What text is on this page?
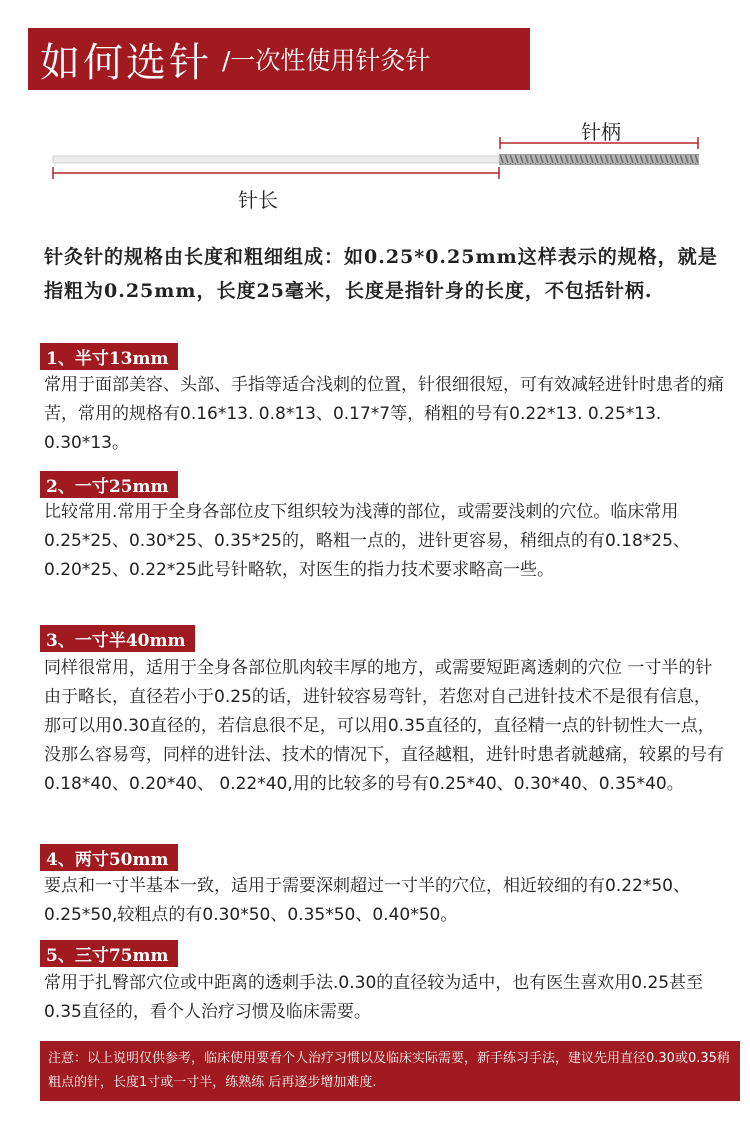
如何选针 /一次性使用针灸针
针柄
针长
针灸针的规格由长度和粗细组成：如0.25*0.25mm这样表示的规格，就是指粗为0.25mm，长度25毫米，长度是指针身的长度，不包括针柄.
1、半寸13mm
常用于面部美容、头部、手指等适合浅刺的位置，针很细很短，可有效减轻进针时患者的痛苦，常用的规格有0.16*13. 0.8*13、0.17*7等，稍粗的号有0.22*13. 0.25*13. 0.30*13。
2、一寸25mm
比较常用.常用于全身各部位皮下组织较为浅薄的部位，或需要浅刺的穴位。临床常用0.25*25、0.30*25、0.35*25的，略粗一点的，进针更容易，稍细点的有0.18*25、0.20*25、0.22*25此号针略软，对医生的指力技术要求略高一些。
3、一寸半40mm
同样很常用，适用于全身各部位肌肉较丰厚的地方，或需要短距离透刺的穴位 一寸半的针由于略长，直径若小于0.25的话，进针较容易弯针，若您对自己进针技术不是很有信息，那可以用0.30直径的，若信息很不足，可以用0.35直径的，直径精一点的针韧性大一点，没那么容易弯，同样的进针法、技术的情况下，直径越粗，进针时患者就越痛，较累的号有0.18*40、0.20*40、 0.22*40,用的比较多的号有0.25*40、0.30*40、0.35*40。
4、两寸50mm
要点和一寸半基本一致，适用于需要深刺超过一寸半的穴位，相近较细的有0.22*50、0.25*50,较粗点的有0.30*50、0.35*50、0.40*50。
5、三寸75mm
常用于扎臀部穴位或中距离的透刺手法.0.30的直径较为适中，也有医生喜欢用0.25甚至0.35直径的，看个人治疗习惯及临床需要。
注意：以上说明仅供参考，临床使用要看个人治疗习惯以及临床实际需要，新手练习手法，建议先用直径0.30或0.35稍粗点的针，长度1寸或一寸半，练熟练 后再逐步增加难度.
